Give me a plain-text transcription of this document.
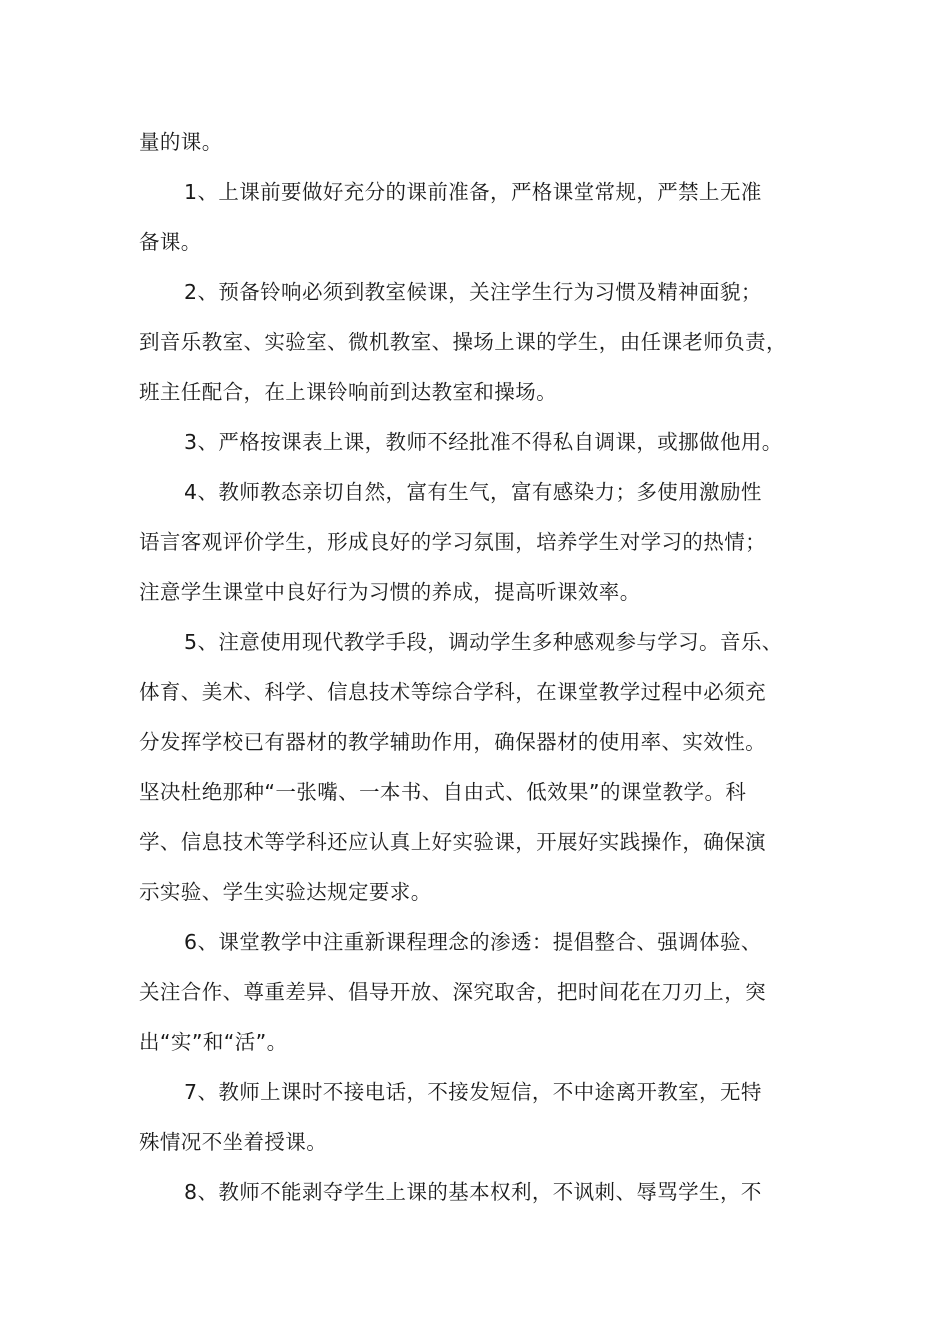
量的课。
1、上课前要做好充分的课前准备，严格课堂常规，严禁上无准
备课。
2、预备铃响必须到教室候课，关注学生行为习惯及精神面貌；
到音乐教室、实验室、微机教室、操场上课的学生，由任课老师负责，
班主任配合，在上课铃响前到达教室和操场。
3、严格按课表上课，教师不经批准不得私自调课，或挪做他用。
4、教师教态亲切自然，富有生气，富有感染力；多使用激励性
语言客观评价学生，形成良好的学习氛围，培养学生对学习的热情；
注意学生课堂中良好行为习惯的养成，提高听课效率。
5、注意使用现代教学手段，调动学生多种感观参与学习。音乐、
体育、美术、科学、信息技术等综合学科，在课堂教学过程中必须充
分发挥学校已有器材的教学辅助作用，确保器材的使用率、实效性。
坚决杜绝那种“一张嘴、一本书、自由式、低效果”的课堂教学。科
学、信息技术等学科还应认真上好实验课，开展好实践操作，确保演
示实验、学生实验达规定要求。
6、课堂教学中注重新课程理念的渗透：提倡整合、强调体验、
关注合作、尊重差异、倡导开放、深究取舍，把时间花在刀刃上，突
出“实”和“活”。
7、教师上课时不接电话，不接发短信，不中途离开教室，无特
殊情况不坐着授课。
8、教师不能剥夺学生上课的基本权利，不讽刺、辱骂学生，不
